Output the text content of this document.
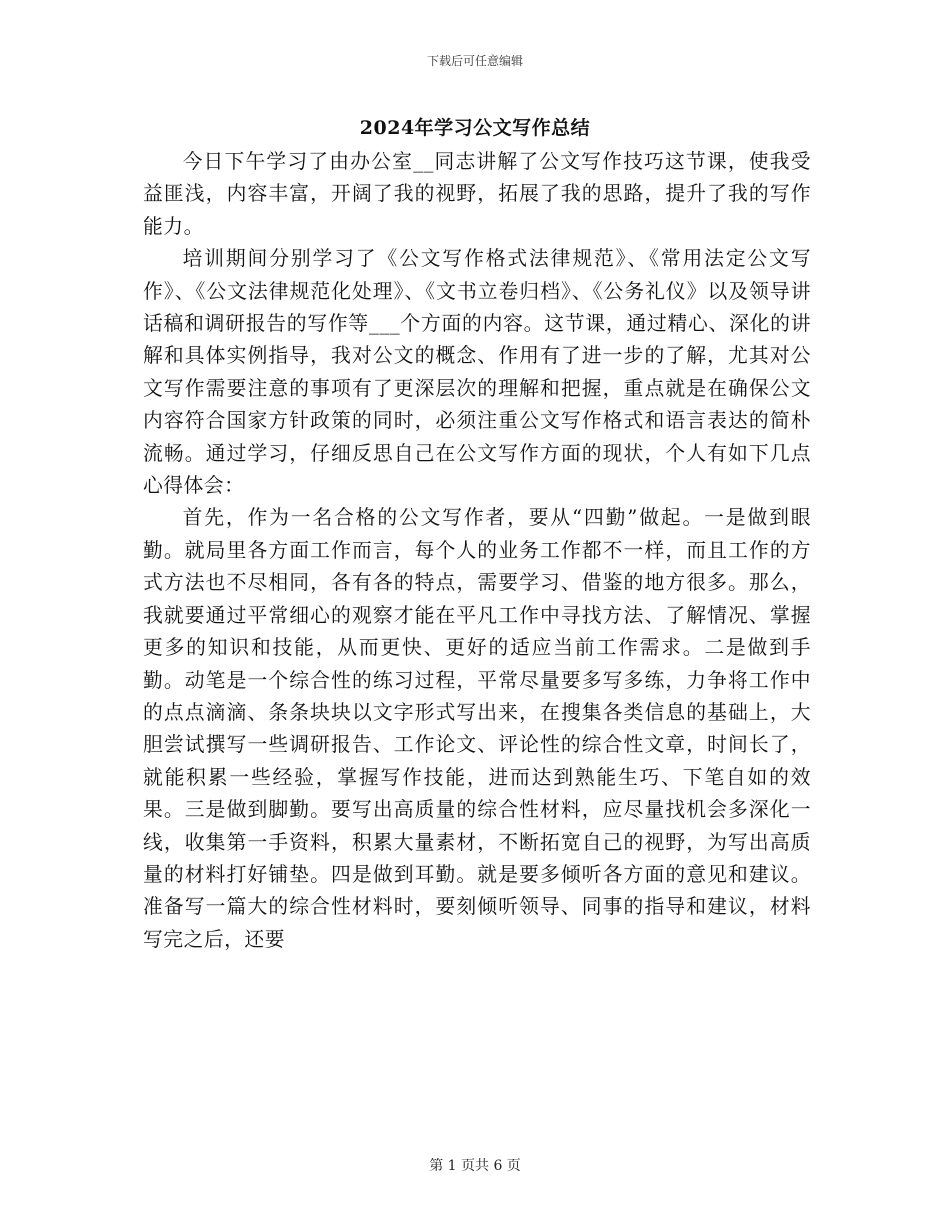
下载后可任意编辑
2024年学习公文写作总结

今日下午学习了由办公室__同志讲解了公文写作技巧这节课，使我受益匪浅，内容丰富，开阔了我的视野，拓展了我的思路，提升了我的写作能力。

培训期间分别学习了《公文写作格式法律规范》、《常用法定公文写作》、《公文法律规范化处理》、《文书立卷归档》、《公务礼仪》以及领导讲话稿和调研报告的写作等___个方面的内容。这节课，通过精心、深化的讲解和具体实例指导，我对公文的概念、作用有了进一步的了解，尤其对公文写作需要注意的事项有了更深层次的理解和把握，重点就是在确保公文内容符合国家方针政策的同时，必须注重公文写作格式和语言表达的简朴流畅。通过学习，仔细反思自己在公文写作方面的现状，个人有如下几点心得体会：

首先，作为一名合格的公文写作者，要从“四勤”做起。一是做到眼勤。就局里各方面工作而言，每个人的业务工作都不一样，而且工作的方式方法也不尽相同，各有各的特点，需要学习、借鉴的地方很多。那么，我就要通过平常细心的观察才能在平凡工作中寻找方法、了解情况、掌握更多的知识和技能，从而更快、更好的适应当前工作需求。二是做到手勤。动笔是一个综合性的练习过程，平常尽量要多写多练，力争将工作中的点点滴滴、条条块块以文字形式写出来，在搜集各类信息的基础上，大胆尝试撰写一些调研报告、工作论文、评论性的综合性文章，时间长了，就能积累一些经验，掌握写作技能，进而达到熟能生巧、下笔自如的效果。三是做到脚勤。要写出高质量的综合性材料，应尽量找机会多深化一线，收集第一手资料，积累大量素材，不断拓宽自己的视野，为写出高质量的材料打好铺垫。四是做到耳勤。就是要多倾听各方面的意见和建议。准备写一篇大的综合性材料时，要刻倾听领导、同事的指导和建议，材料写完之后，还要

第 1 页共 6 页
